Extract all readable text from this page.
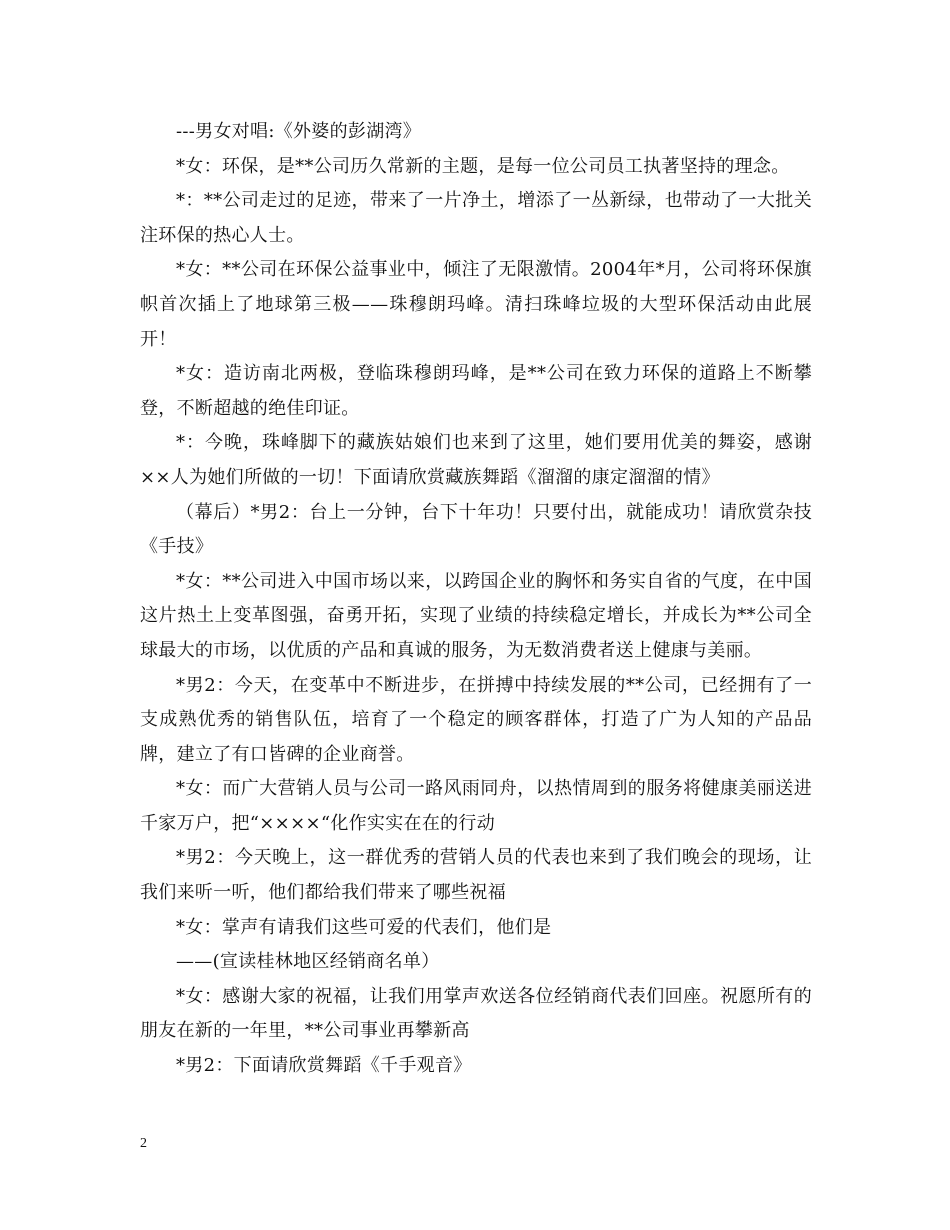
---男女对唱:《外婆的彭湖湾》

*女：环保，是**公司历久常新的主题，是每一位公司员工执著坚持的理念。

*：**公司走过的足迹，带来了一片净土，增添了一丛新绿，也带动了一大批关注环保的热心人士。

*女：**公司在环保公益事业中，倾注了无限激情。2004年*月，公司将环保旗帜首次插上了地球第三极——珠穆朗玛峰。清扫珠峰垃圾的大型环保活动由此展开！

*女：造访南北两极，登临珠穆朗玛峰，是**公司在致力环保的道路上不断攀登，不断超越的绝佳印证。

*：今晚，珠峰脚下的藏族姑娘们也来到了这里，她们要用优美的舞姿，感谢××人为她们所做的一切！下面请欣赏藏族舞蹈《溜溜的康定溜溜的情》

（幕后）*男2：台上一分钟，台下十年功！只要付出，就能成功！请欣赏杂技《手技》

*女：**公司进入中国市场以来，以跨国企业的胸怀和务实自省的气度，在中国这片热土上变革图强，奋勇开拓，实现了业绩的持续稳定增长，并成长为**公司全球最大的市场，以优质的产品和真诚的服务，为无数消费者送上健康与美丽。

*男2：今天，在变革中不断进步，在拼搏中持续发展的**公司，已经拥有了一支成熟优秀的销售队伍，培育了一个稳定的顾客群体，打造了广为人知的产品品牌，建立了有口皆碑的企业商誉。

*女：而广大营销人员与公司一路风雨同舟，以热情周到的服务将健康美丽送进千家万户，把“××××“化作实实在在的行动

*男2：今天晚上，这一群优秀的营销人员的代表也来到了我们晚会的现场，让我们来听一听，他们都给我们带来了哪些祝福

*女：掌声有请我们这些可爱的代表们，他们是

——(宣读桂林地区经销商名单）

*女：感谢大家的祝福，让我们用掌声欢送各位经销商代表们回座。祝愿所有的朋友在新的一年里，**公司事业再攀新高

*男2：下面请欣赏舞蹈《千手观音》

2
